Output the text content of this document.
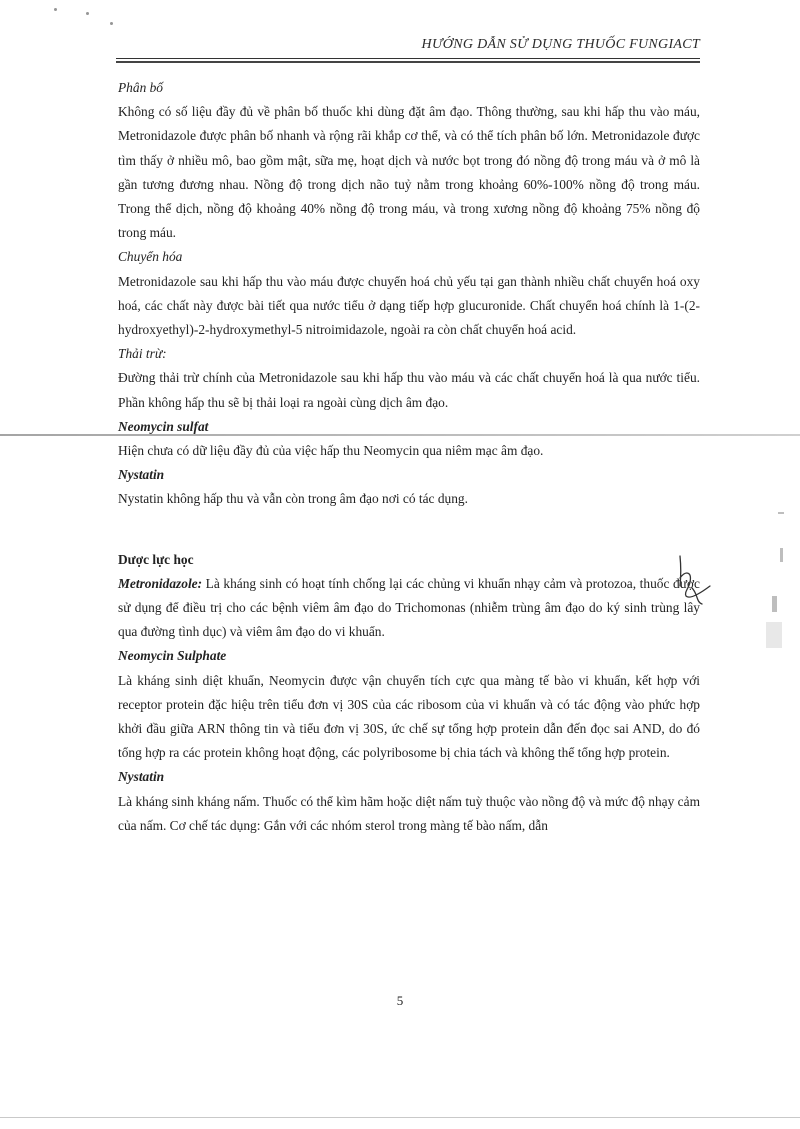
HƯỚNG DẪN SỬ DỤNG THUỐC FUNGIACT

Phân bố

Không có số liệu đầy đủ về phân bố thuốc khi dùng đặt âm đạo. Thông thường, sau khi hấp thu vào máu, Metronidazole được phân bố nhanh và rộng rãi khắp cơ thể, và có thể tích phân bố lớn. Metronidazole được tìm thấy ở nhiều mô, bao gồm mật, sữa mẹ, hoạt dịch và nước bọt trong đó nồng độ trong máu và ở mô là gần tương đương nhau. Nồng độ trong dịch não tuỷ nằm trong khoảng 60%-100% nồng độ trong máu. Trong thể dịch, nồng độ khoảng 40% nồng độ trong máu, và trong xương nồng độ khoảng 75% nồng độ trong máu.

Chuyển hóa

Metronidazole sau khi hấp thu vào máu được chuyển hoá chủ yếu tại gan thành nhiều chất chuyển hoá oxy hoá, các chất này được bài tiết qua nước tiểu ở dạng tiếp hợp glucuronide. Chất chuyển hoá chính là 1-(2-hydroxyethyl)-2-hydroxymethyl-5 nitroimidazole, ngoài ra còn chất chuyển hoá acid.

Thải trừ:

Đường thải trừ chính của Metronidazole sau khi hấp thu vào máu và các chất chuyển hoá là qua nước tiểu. Phần không hấp thu sẽ bị thải loại ra ngoài cùng dịch âm đạo.

Neomycin sulfat

Hiện chưa có dữ liệu đầy đủ của việc hấp thu Neomycin qua niêm mạc âm đạo.

Nystatin

Nystatin không hấp thu và vẫn còn trong âm đạo nơi có tác dụng.

Dược lực học

Metronidazole: Là kháng sinh có hoạt tính chống lại các chủng vi khuẩn nhạy cảm và protozoa, thuốc được sử dụng để điều trị cho các bệnh viêm âm đạo do Trichomonas (nhiễm trùng âm đạo do ký sinh trùng lây qua đường tình dục) và viêm âm đạo do vi khuẩn.

Neomycin Sulphate

Là kháng sinh diệt khuẩn, Neomycin được vận chuyển tích cực qua màng tế bào vi khuẩn, kết hợp với receptor protein đặc hiệu trên tiểu đơn vị 30S của các ribosom của vi khuẩn và có tác động vào phức hợp khởi đầu giữa ARN thông tin và tiểu đơn vị 30S, ức chế sự tổng hợp protein dẫn đến đọc sai AND, do đó tổng hợp ra các protein không hoạt động, các polyribosome bị chia tách và không thể tổng hợp protein.

Nystatin

Là kháng sinh kháng nấm. Thuốc có thể kìm hãm hoặc diệt nấm tuỳ thuộc vào nồng độ và mức độ nhạy cảm của nấm. Cơ chế tác dụng: Gắn với các nhóm sterol trong màng tế bào nấm, dẫn

5
